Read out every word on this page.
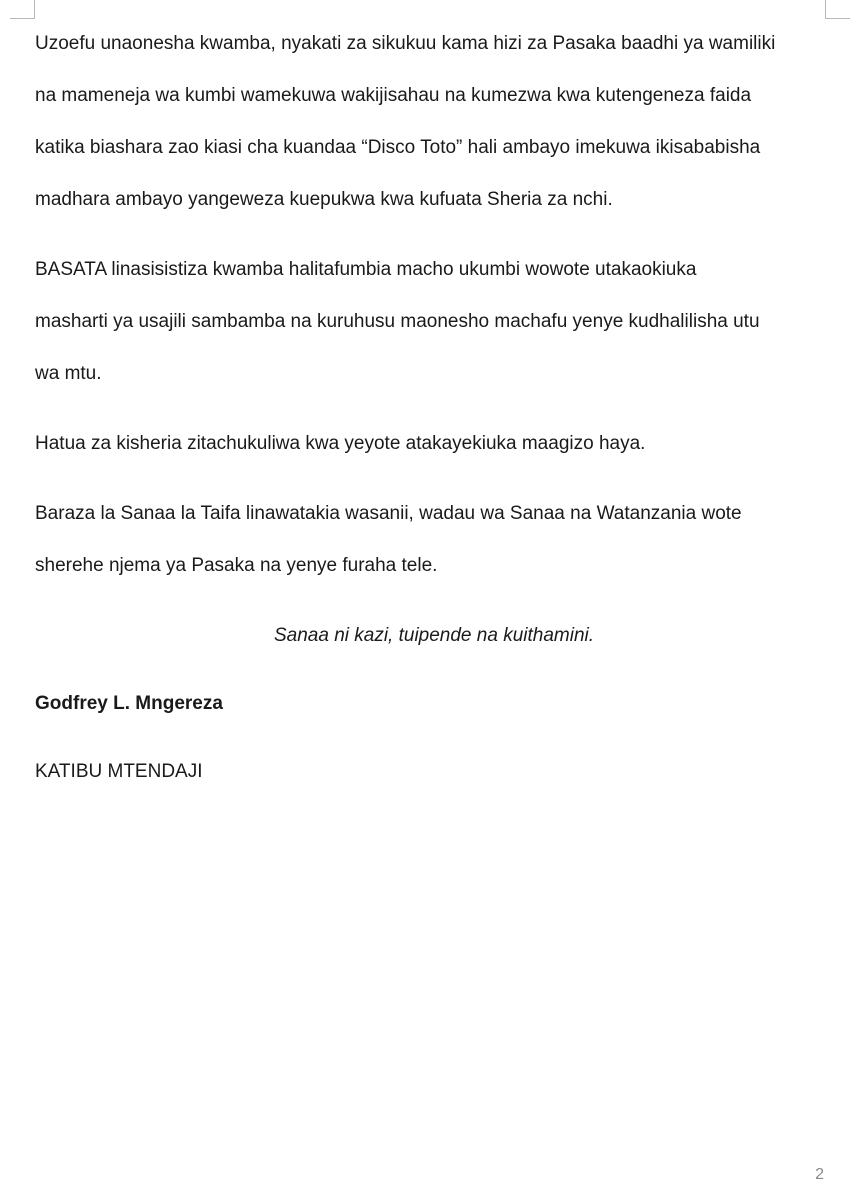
Uzoefu unaonesha kwamba, nyakati za sikukuu kama hizi za Pasaka baadhi ya wamiliki
na mameneja wa kumbi wamekuwa wakijisahau na kumezwa kwa kutengeneza faida
katika biashara zao kiasi cha kuandaa “Disco Toto” hali ambayo imekuwa ikisababisha
madhara ambayo yangeweza kuepukwa kwa kufuata Sheria za nchi.

BASATA linasisistiza kwamba halitafumbia macho ukumbi wowote utakaokiuka
masharti ya usajili sambamba na kuruhusu maonesho machafu yenye kudhalilisha utu
wa mtu.

Hatua za kisheria zitachukuliwa kwa yeyote atakayekiuka maagizo haya.

Baraza la Sanaa la Taifa linawatakia wasanii, wadau wa Sanaa na Watanzania wote
sherehe njema ya Pasaka na yenye furaha tele.

Sanaa ni kazi, tuipende na kuithamini.

Godfrey L. Mngereza

KATIBU MTENDAJI

2
